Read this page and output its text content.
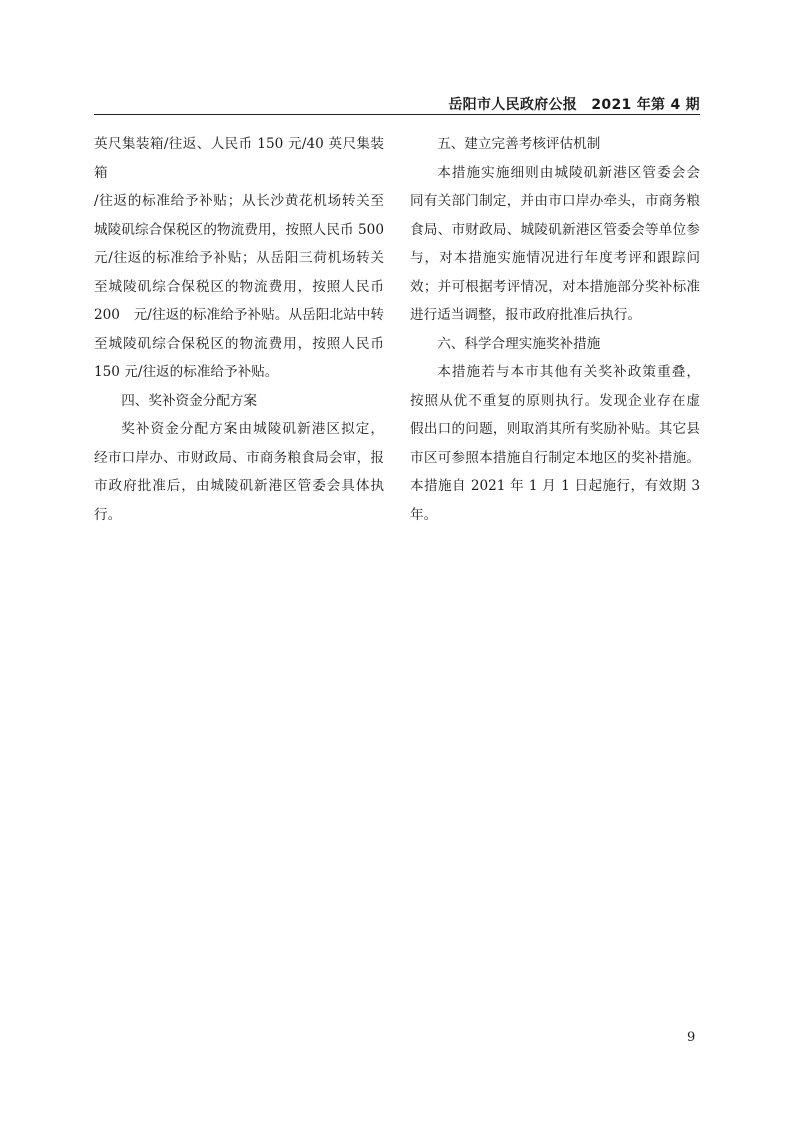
岳阳市人民政府公报　2021 年第 4 期

英尺集装箱/往返、人民币 150 元/40 英尺集装箱

/往返的标准给予补贴；从长沙黄花机场转关至

城陵矶综合保税区的物流费用，按照人民币 500

元/往返的标准给予补贴；从岳阳三荷机场转关

至城陵矶综合保税区的物流费用，按照人民币

200　元/往返的标准给予补贴。从岳阳北站中转

至城陵矶综合保税区的物流费用，按照人民币

150 元/往返的标准给予补贴。

四、奖补资金分配方案

奖补资金分配方案由城陵矶新港区拟定，

经市口岸办、市财政局、市商务粮食局会审，报

市政府批准后，由城陵矶新港区管委会具体执

行。

五、建立完善考核评估机制

本措施实施细则由城陵矶新港区管委会会

同有关部门制定，并由市口岸办牵头，市商务粮

食局、市财政局、城陵矶新港区管委会等单位参

与，对本措施实施情况进行年度考评和跟踪问

效；并可根据考评情况，对本措施部分奖补标准

进行适当调整，报市政府批准后执行。

六、科学合理实施奖补措施

本措施若与本市其他有关奖补政策重叠，

按照从优不重复的原则执行。发现企业存在虚

假出口的问题，则取消其所有奖励补贴。其它县

市区可参照本措施自行制定本地区的奖补措施。

本措施自 2021 年 1 月 1 日起施行，有效期 3 年。

9
